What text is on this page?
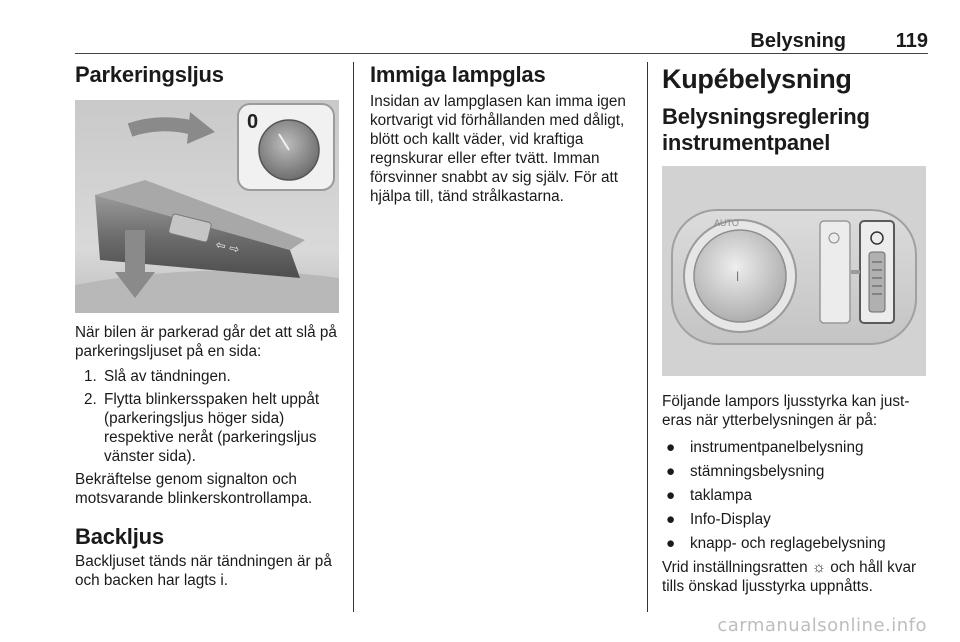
Belysning 119
Parkeringsljus
⇦ ⇨
0

När bilen är parkerad går det att slå på parkeringsljuset på en sida:

1. Slå av tändningen.
2. Flytta blinkersspaken helt uppåt (parkeringsljus höger sida) respektive neråt (parkeringsljus vänster sida).

Bekräftelse genom signalton och motsvarande blinkerskontrollampa.

Backljus

Backljuset tänds när tändningen är på och backen har lagts i.

Immiga lampglas

Insidan av lampglasen kan imma igen kortvarigt vid förhållanden med dåligt, blött och kallt väder, vid kraftiga regnskurar eller efter tvätt. Imman försvinner snabbt av sig själv. För att hjälpa till, tänd strålkastarna.

Kupébelysning
Belysningsreglering instrumentpanel
⏽
AUTO

Följande lampors ljusstyrka kan justeras när ytterbelysningen är på:

● instrumentpanelbelysning
● stämningsbelysning
● taklampa
● Info-Display
● knapp- och reglagebelysning

Vrid inställningsratten ☼ och håll kvar tills önskad ljusstyrka uppnåtts.

carmanualsonline.info
